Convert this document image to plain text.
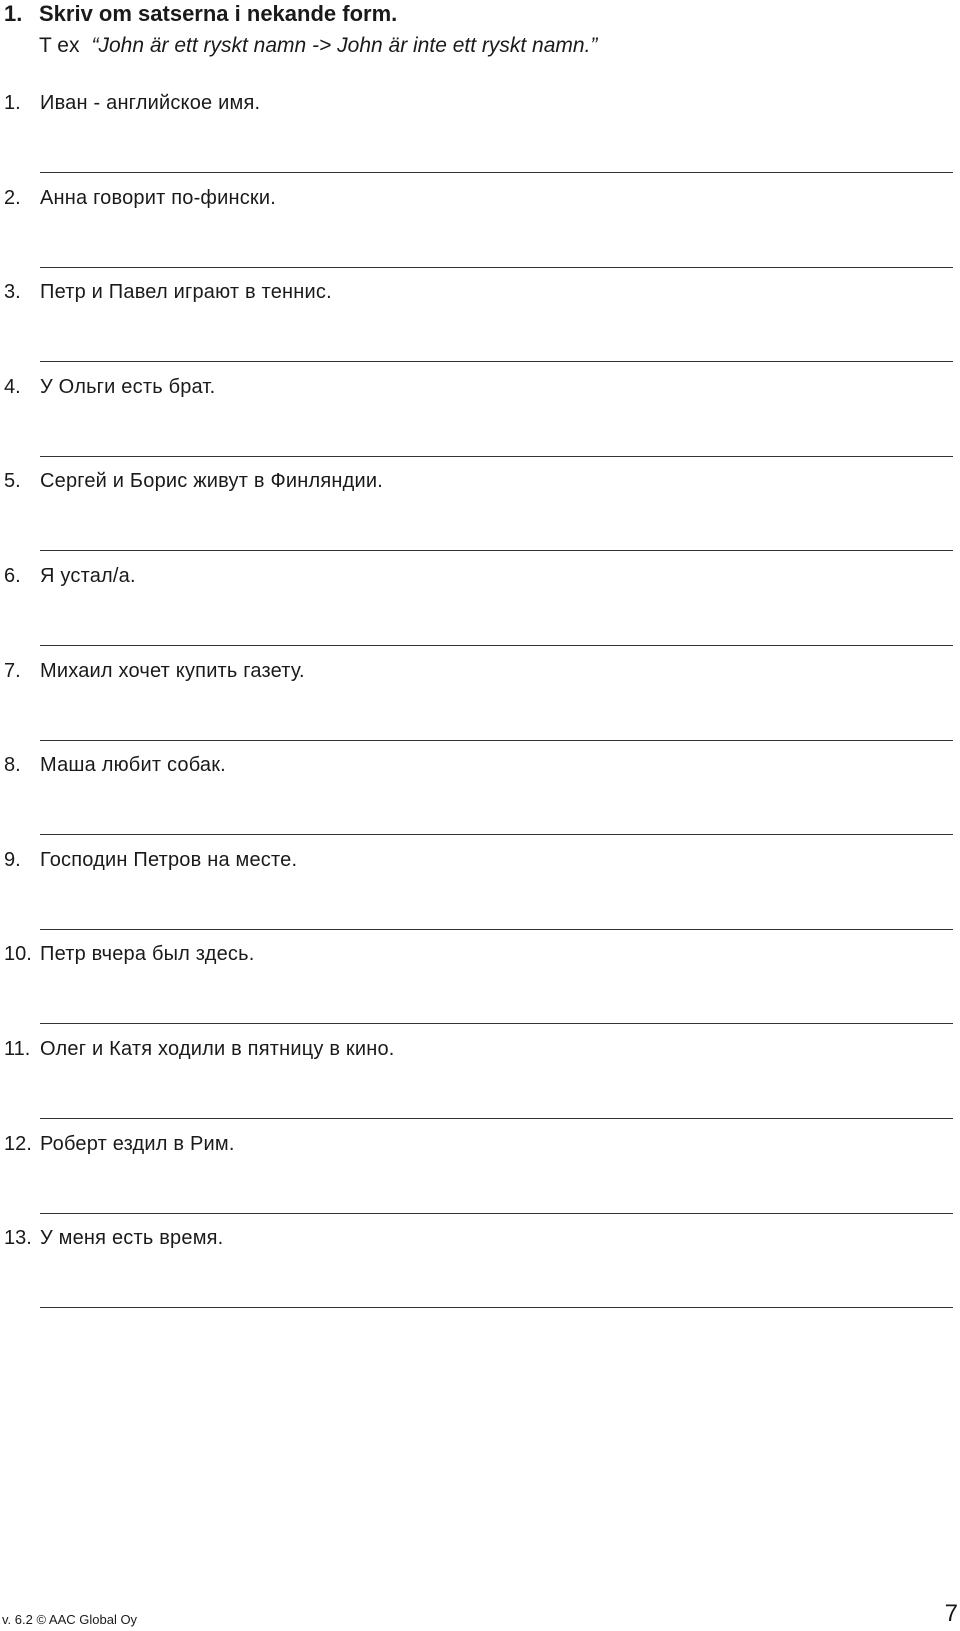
1. Skriv om satserna i nekande form.
T ex “John är ett ryskt namn -> John är inte ett ryskt namn.”
1. Иван - английское имя.
2. Анна говорит по-фински.
3. Петр и Павел играют в теннис.
4. У Ольги есть брат.
5. Сергей и Борис живут в Финляндии.
6. Я устал/а.
7. Михаил хочет купить газету.
8. Маша любит собак.
9. Господин Петров на месте.
10. Петр вчера был здесь.
11. Олег и Катя ходили в пятницу в кино.
12. Роберт ездил в Рим.
13. У меня есть время.
v. 6.2 © AAC Global Oy	7
